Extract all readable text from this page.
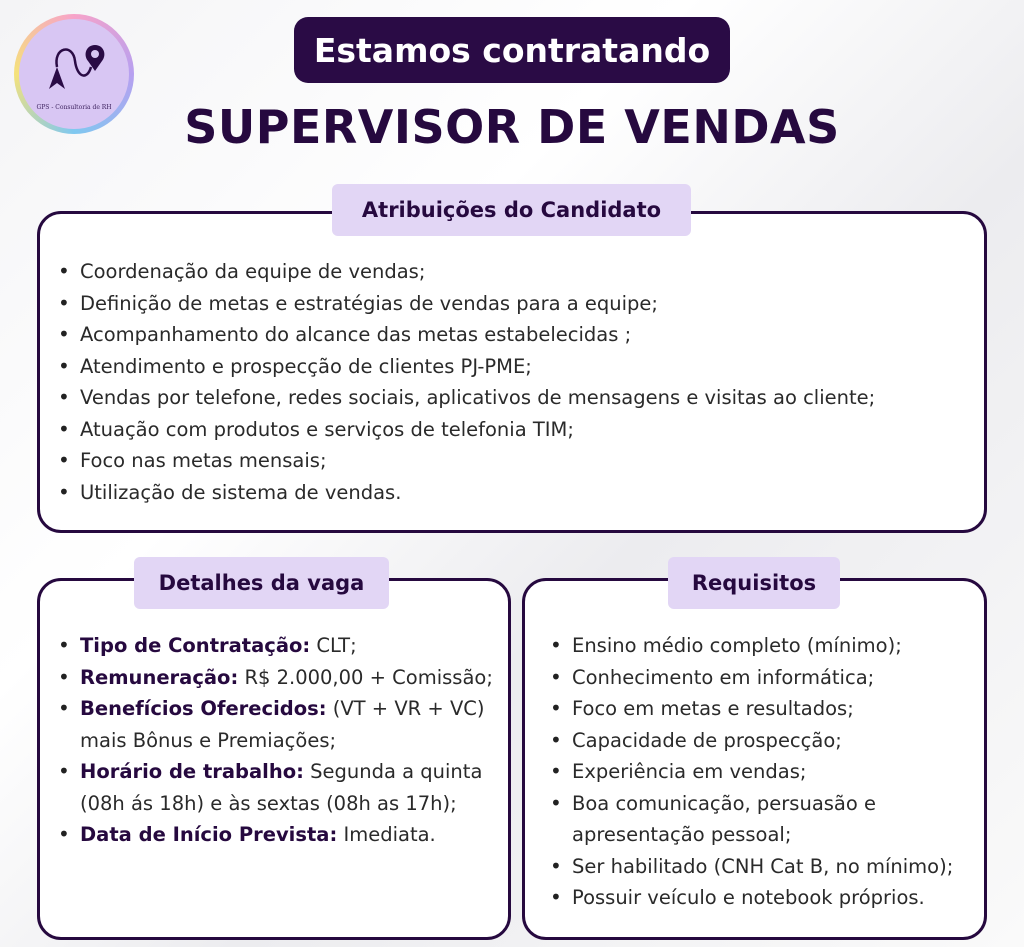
GPS - Consultoria de RH
Estamos contratando
SUPERVISOR DE VENDAS
Atribuições do Candidato
• Coordenação da equipe de vendas;
• Definição de metas e estratégias de vendas para a equipe;
• Acompanhamento do alcance das metas estabelecidas ;
• Atendimento e prospecção de clientes PJ-PME;
• Vendas por telefone, redes sociais, aplicativos de mensagens e visitas ao cliente;
• Atuação com produtos e serviços de telefonia TIM;
• Foco nas metas mensais;
• Utilização de sistema de vendas.
Detalhes da vaga
• Tipo de Contratação: CLT;
• Remuneração: R$ 2.000,00 + Comissão;
• Benefícios Oferecidos: (VT + VR + VC) mais Bônus e Premiações;
• Horário de trabalho: Segunda a quinta (08h ás 18h) e às sextas (08h as 17h);
• Data de Início Prevista: Imediata.
Requisitos
• Ensino médio completo (mínimo);
• Conhecimento em informática;
• Foco em metas e resultados;
• Capacidade de prospecção;
• Experiência em vendas;
• Boa comunicação, persuasão e apresentação pessoal;
• Ser habilitado (CNH Cat B, no mínimo);
• Possuir veículo e notebook próprios.
